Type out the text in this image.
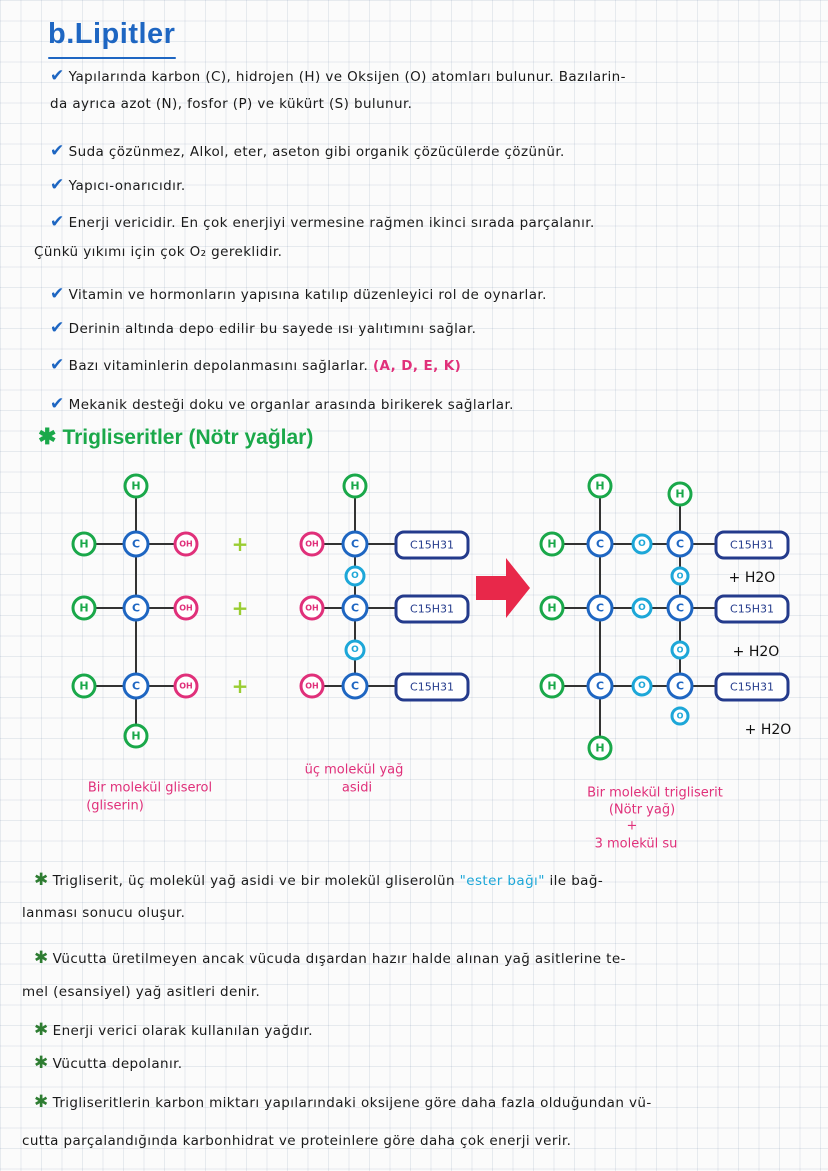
b.Lipitler
✔ Yapılarında karbon (C), hidrojen (H) ve Oksijen (O) atomları bulunur. Bazılarin-
da ayrıca azot (N), fosfor (P) ve kükürt (S) bulunur.
✔ Suda çözünmez, Alkol, eter, aseton gibi organik çözücülerde çözünür.
✔ Yapıcı-onarıcıdır.
✔ Enerji vericidir. En çok enerjiyi vermesine rağmen ikinci sırada parçalanır.
Çünkü yıkımı için çok O₂ gereklidir.
✔ Vitamin ve hormonların yapısına katılıp düzenleyici rol de oynarlar.
✔ Derinin altında depo edilir bu sayede ısı yalıtımını sağlar.
✔ Bazı vitaminlerin depolanmasını sağlarlar. (A, D, E, K)
✔ Mekanik desteği doku ve organlar arasında birikerek sağlarlar.
✱ Trigliseritler (Nötr yağlar)
H	C	OH +
H	C	OH +
H	C	OH +
H
H
OH	C	C15H31
OH	C	C15H31
OH	C	C15H31
H
O
O
H	C	O	C	C15H31
H	C	O	C	C15H31
H	C	O	C	C15H31
H
H
H
O
O
O
+ H2O
+ H2O
+ H2O
Bir molekül gliserol
(gliserin)
üç molekül yağ
asidi	Bir molekül trigliserit
(Nötr yağ)
+
3 molekül su
✱ Trigliserit, üç molekül yağ asidi ve bir molekül gliserolün "ester bağı" ile bağ-
lanması sonucu oluşur.
✱ Vücutta üretilmeyen ancak vücuda dışardan hazır halde alınan yağ asitlerine te-
mel (esansiyel) yağ asitleri denir.
✱ Enerji verici olarak kullanılan yağdır.
✱ Vücutta depolanır.
✱ Trigliseritlerin karbon miktarı yapılarındaki oksijene göre daha fazla olduğundan vü-
cutta parçalandığında karbonhidrat ve proteinlere göre daha çok enerji verir.
